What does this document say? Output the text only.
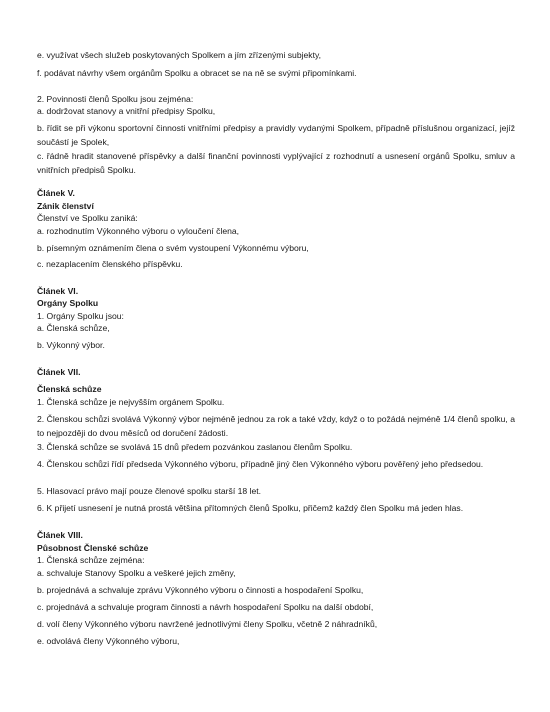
e. využívat všech služeb poskytovaných Spolkem a jím zřízenými subjekty,
f. podávat návrhy všem orgánům Spolku a obracet se na ně se svými připomínkami.
2. Povinnosti členů Spolku jsou zejména:
a. dodržovat stanovy a vnitřní předpisy Spolku,
b. řídit se při výkonu sportovní činnosti vnitřními předpisy a pravidly vydanými Spolkem, případně příslušnou organizací, jejíž součástí je Spolek,
c. řádně hradit stanovené příspěvky a další finanční povinnosti vyplývající z rozhodnutí a usnesení orgánů Spolku, smluv a vnitřních předpisů Spolku.
Článek V.
Zánik členství
Členství ve Spolku zaniká:
a. rozhodnutím Výkonného výboru o vyloučení člena,
b. písemným oznámením člena o svém vystoupení Výkonnému výboru,
c. nezaplacením členského příspěvku.
Článek VI.
Orgány Spolku
1. Orgány Spolku jsou:
a. Členská schůze,
b. Výkonný výbor.
Článek VII.
Členská schůze
1. Členská schůze je nejvyšším orgánem Spolku.
2. Členskou schůzi svolává Výkonný výbor nejméně jednou za rok a také vždy, když o to požádá nejméně 1/4 členů spolku, a to nejpozději do dvou měsíců od doručení žádosti.
3. Členská schůze se svolává 15 dnů předem pozvánkou zaslanou členům Spolku.
4. Členskou schůzi řídí předseda Výkonného výboru, případně jiný člen Výkonného výboru pověřený jeho předsedou.
5. Hlasovací právo mají pouze členové spolku starší 18 let.
6. K přijetí usnesení je nutná prostá většina přítomných členů Spolku, přičemž každý člen Spolku má jeden hlas.
Článek VIII.
Působnost Členské schůze
1. Členská schůze zejména:
a. schvaluje Stanovy Spolku a veškeré jejich změny,
b. projednává a schvaluje zprávu Výkonného výboru o činnosti a hospodaření Spolku,
c. projednává a schvaluje program činnosti a návrh hospodaření Spolku na další období,
d. volí členy Výkonného výboru navržené jednotlivými členy Spolku, včetně 2 náhradníků,
e. odvolává členy Výkonného výboru,
